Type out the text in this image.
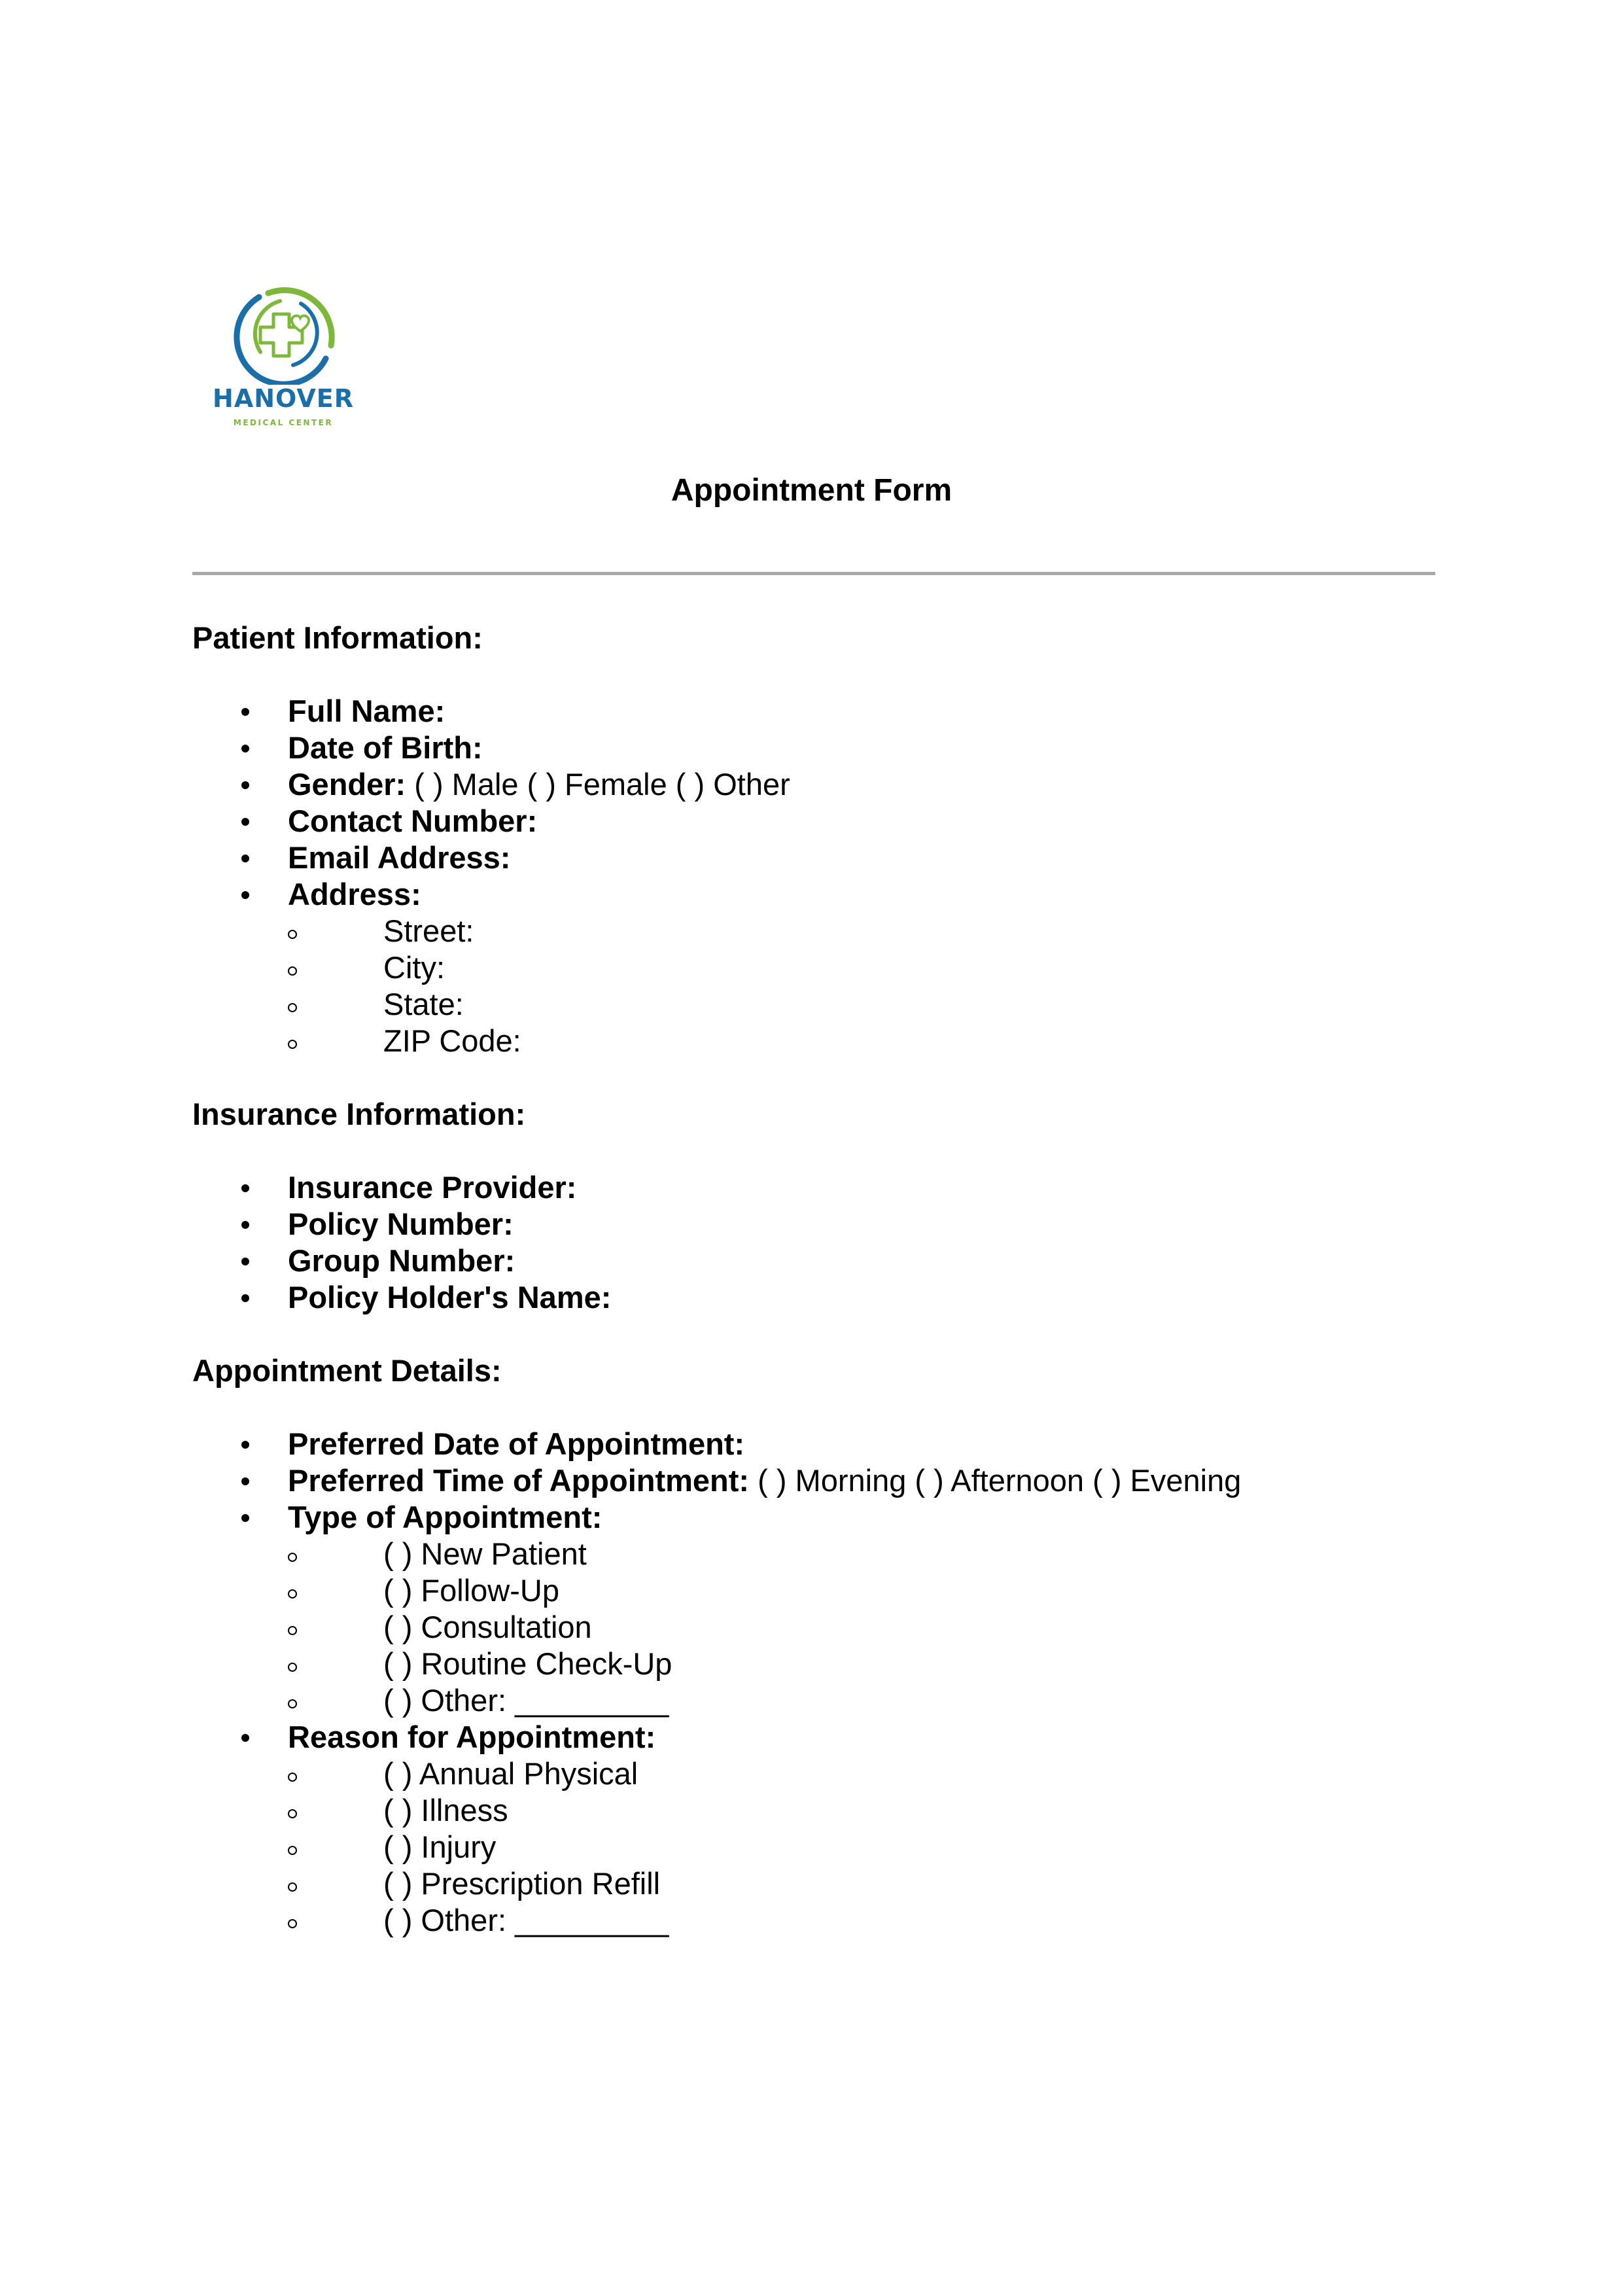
HANOVER
MEDICAL CENTER
Appointment Form
Patient Information:
Full Name:
Date of Birth:
Gender: ( ) Male ( ) Female ( ) Other
Contact Number:
Email Address:
Address:
Street:
City:
State:
ZIP Code:
Insurance Information:
Insurance Provider:
Policy Number:
Group Number:
Policy Holder's Name:
Appointment Details:
Preferred Date of Appointment:
Preferred Time of Appointment: ( ) Morning ( ) Afternoon ( ) Evening
Type of Appointment:
( ) New Patient
( ) Follow-Up
( ) Consultation
( ) Routine Check-Up
( ) Other: _________
Reason for Appointment:
( ) Annual Physical
( ) Illness
( ) Injury
( ) Prescription Refill
( ) Other: _________
